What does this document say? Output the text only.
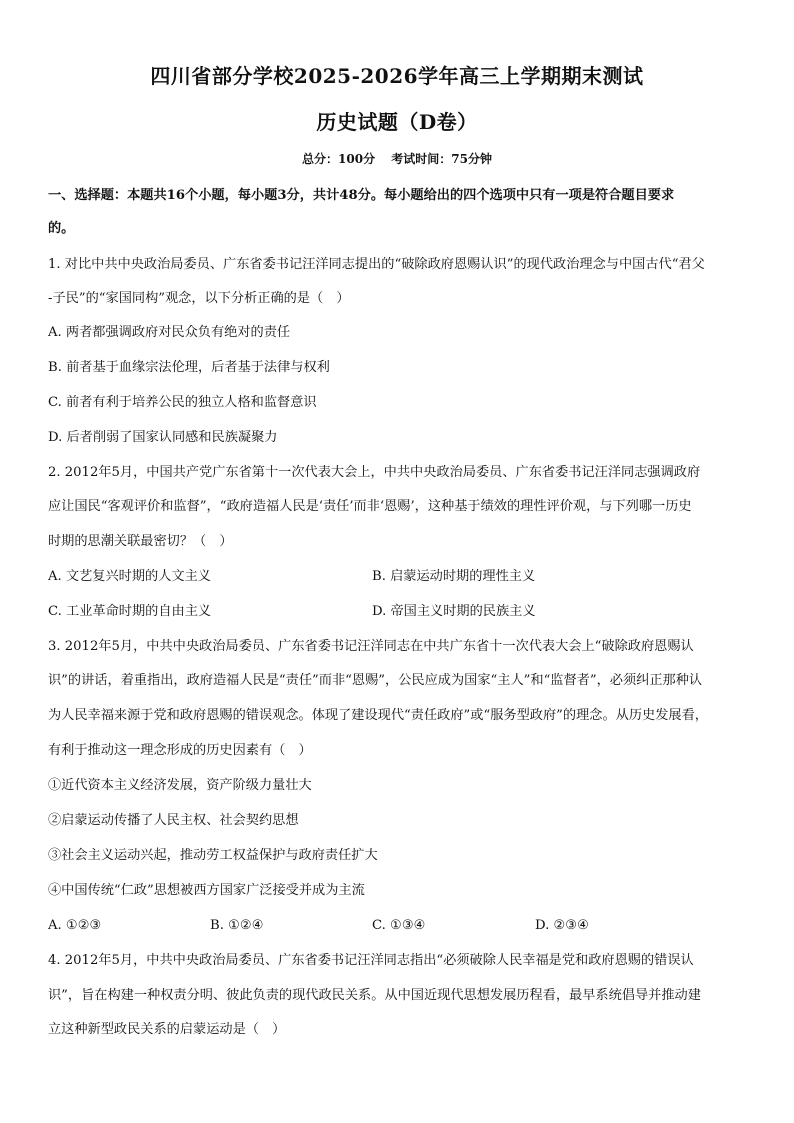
四川省部分学校2025-2026学年高三上学期期末测试
历史试题（D卷）
总分：100分 考试时间：75分钟
一、选择题：本题共16个小题，每小题3分，共计48分。每小题给出的四个选项中只有一项是符合题目要求
的。
1. 对比中共中央政治局委员、广东省委书记汪洋同志提出的“破除政府恩赐认识”的现代政治理念与中国古代“君父
-子民”的“家国同构”观念，以下分析正确的是（　）
A. 两者都强调政府对民众负有绝对的责任
B. 前者基于血缘宗法伦理，后者基于法律与权利
C. 前者有利于培养公民的独立人格和监督意识
D. 后者削弱了国家认同感和民族凝聚力
2. 2012年5月，中国共产党广东省第十一次代表大会上，中共中央政治局委员、广东省委书记汪洋同志强调政府
应让国民“客观评价和监督”，“政府造福人民是‘责任’而非‘恩赐’，这种基于绩效的理性评价观，与下列哪一历史
时期的思潮关联最密切？（　）
A. 文艺复兴时期的人文主义	B. 启蒙运动时期的理性主义
C. 工业革命时期的自由主义	D. 帝国主义时期的民族主义
3. 2012年5月，中共中央政治局委员、广东省委书记汪洋同志在中共广东省十一次代表大会上“破除政府恩赐认
识”的讲话，着重指出，政府造福人民是“责任”而非“恩赐”，公民应成为国家“主人”和“监督者”，必须纠正那种认
为人民幸福来源于党和政府恩赐的错误观念。体现了建设现代“责任政府”或“服务型政府”的理念。从历史发展看，
有利于推动这一理念形成的历史因素有（　）
①近代资本主义经济发展，资产阶级力量壮大
②启蒙运动传播了人民主权、社会契约思想
③社会主义运动兴起，推动劳工权益保护与政府责任扩大
④中国传统“仁政”思想被西方国家广泛接受并成为主流
A. ①②③	B. ①②④	C. ①③④	D. ②③④
4. 2012年5月，中共中央政治局委员、广东省委书记汪洋同志指出“必须破除人民幸福是党和政府恩赐的错误认
识”，旨在构建一种权责分明、彼此负责的现代政民关系。从中国近现代思想发展历程看，最早系统倡导并推动建
立这种新型政民关系的启蒙运动是（　）
